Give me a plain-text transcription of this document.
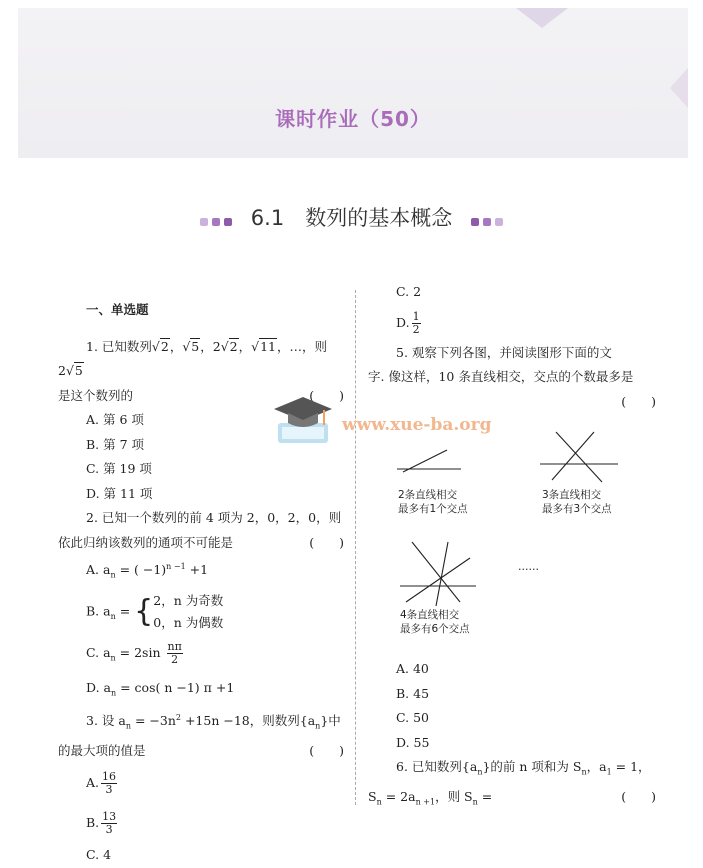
课时作业（50）
6.1　数列的基本概念

一、单选题

1. 已知数列√2，√5，2√2，√11，…，则 2√5

是这个数列的	(　　)

A. 第 6 项

B. 第 7 项

C. 第 19 项

D. 第 11 项

2. 已知一个数列的前 4 项为 2，0，2，0，则

依此归纳该数列的通项不可能是	(　　)

A. $a_n$ = ( −1)$^{n -1}$ +1

B. $a_n = \{2$，n 为奇数
0，n 为偶数

C. $a_n = 2\sin \frac{n\pi}{2}$

D. $a_n = \cos$( n −1) π +1

3. 设 $a_n = -3n^2 +15n -18$，则数列$\{a_n\}$中

的最大项的值是	(　　)

A. $\frac{16}{3}$

B. $\frac{13}{3}$

C. 4

C. 2

D. $\frac{1}{2}$

5. 观察下列各图，并阅读图形下面的文

字. 像这样，10 条直线相交，交点的个数最多是

(　　)

2条直线相交
最多有1个交点
3条直线相交
最多有3个交点
4条直线相交
最多有6个交点
……

A. 40

B. 45

C. 50

D. 55

6. 已知数列$\{a_n\}$的前 n 项和为 $S_n$，$a_1 = 1$，

$S_n = 2a_{n +1}$，则 $S_n$ =	(　　)

www.xue-ba.org
